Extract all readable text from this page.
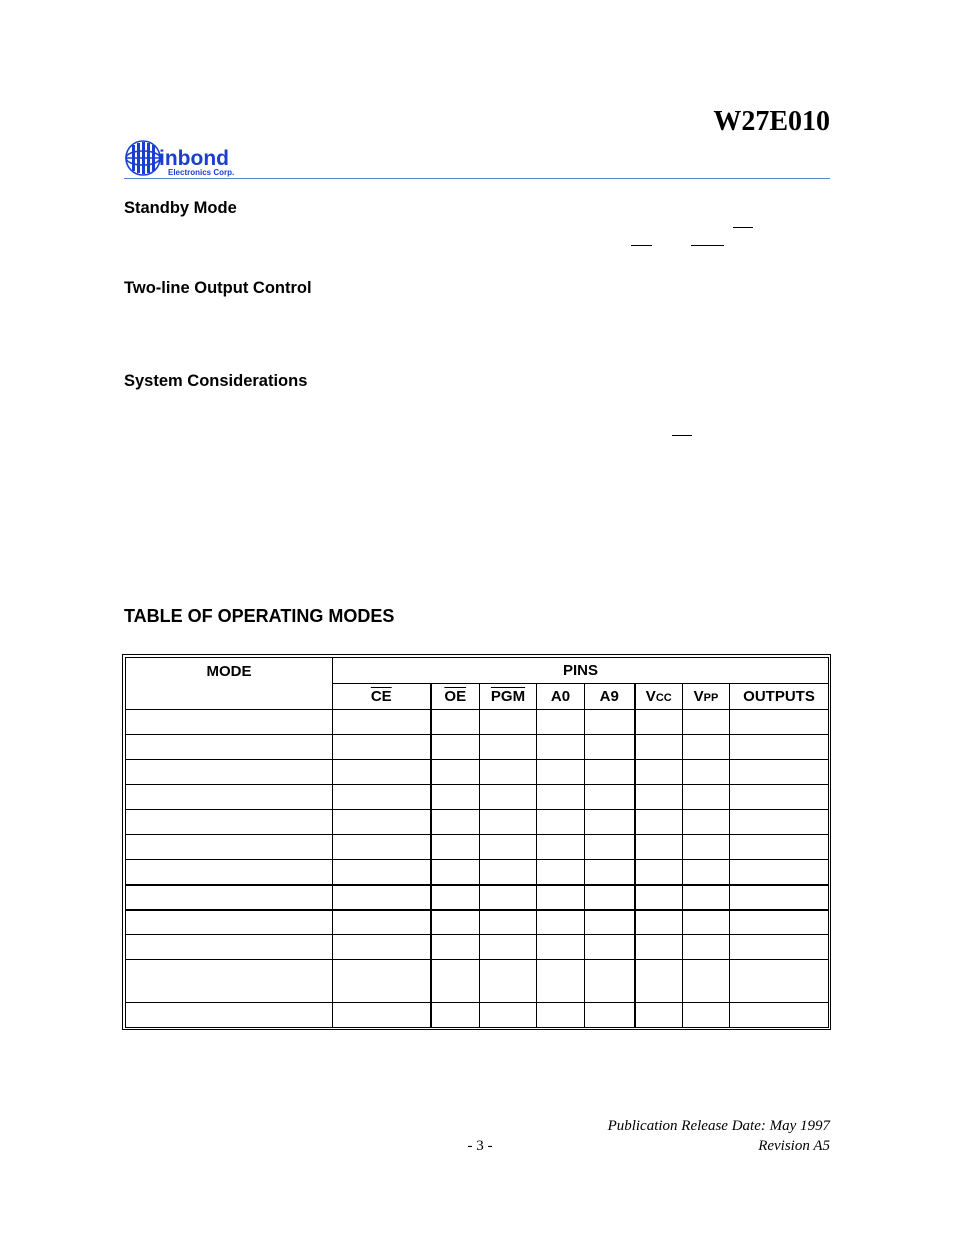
W27E010
inbond
Electronics Corp.
Standby Mode
Two-line Output Control
System Considerations
TABLE OF OPERATING MODES
MODE	PINS							
	$\overline{CE}$	$\overline{OE}$	$\overline{PGM}$	A0	A9	VCC	VPP	OUTPUTS

Publication Release Date: May 1997
- 3 -	Revision A5
